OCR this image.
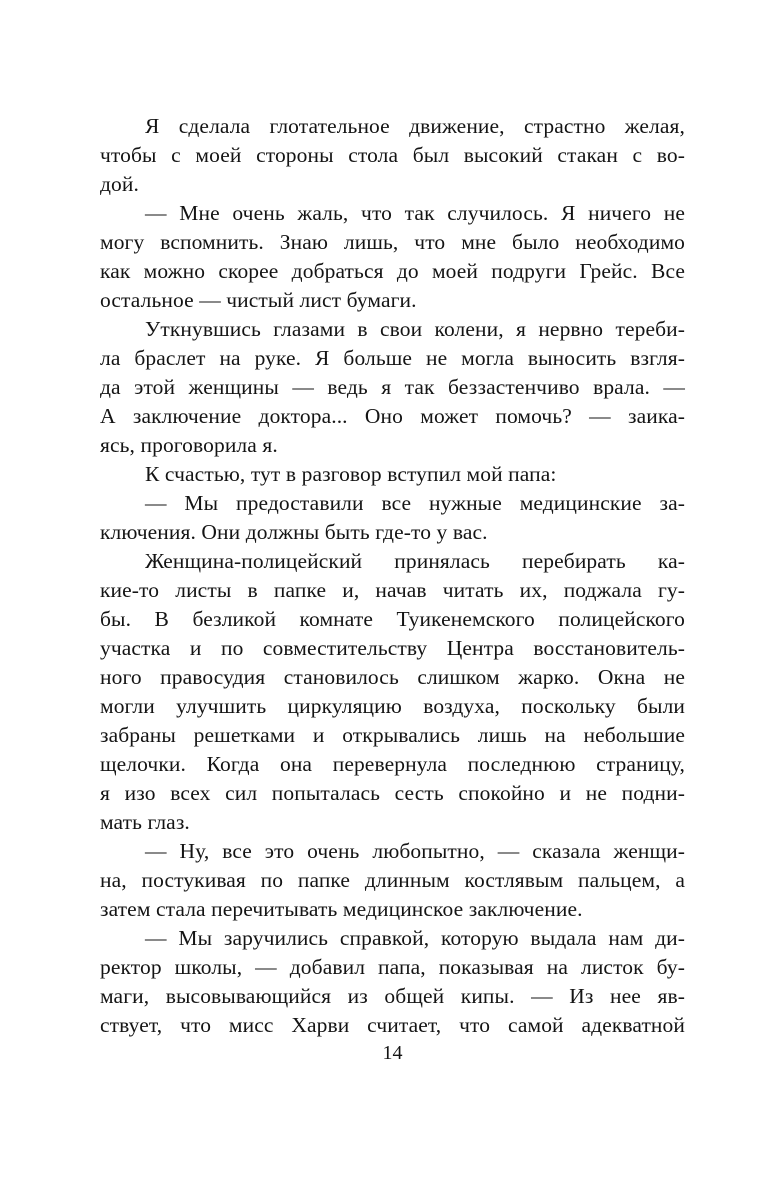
Я сделала глотательное движение, страстно желая,
чтобы с моей стороны стола был высокий стакан с во-
дой.
— Мне очень жаль, что так случилось. Я ничего не
могу вспомнить. Знаю лишь, что мне было необходимо
как можно скорее добраться до моей подруги Грейс. Все
остальное — чистый лист бумаги.
Уткнувшись глазами в свои колени, я нервно тереби-
ла браслет на руке. Я больше не могла выносить взгля-
да этой женщины — ведь я так беззастенчиво врала. —
А заключение доктора... Оно может помочь? — заика-
ясь, проговорила я.
К счастью, тут в разговор вступил мой папа:
— Мы предоставили все нужные медицинские за-
ключения. Они должны быть где-то у вас.
Женщина-полицейский принялась перебирать ка-
кие-то листы в папке и, начав читать их, поджала гу-
бы. В безликой комнате Туикенемского полицейского
участка и по совместительству Центра восстановитель-
ного правосудия становилось слишком жарко. Окна не
могли улучшить циркуляцию воздуха, поскольку были
забраны решетками и открывались лишь на небольшие
щелочки. Когда она перевернула последнюю страницу,
я изо всех сил попыталась сесть спокойно и не подни-
мать глаз.
— Ну, все это очень любопытно, — сказала женщи-
на, постукивая по папке длинным костлявым пальцем, а
затем стала перечитывать медицинское заключение.
— Мы заручились справкой, которую выдала нам ди-
ректор школы, — добавил папа, показывая на листок бу-
маги, высовывающийся из общей кипы. — Из нее яв-
ствует, что мисс Харви считает, что самой адекватной
14
